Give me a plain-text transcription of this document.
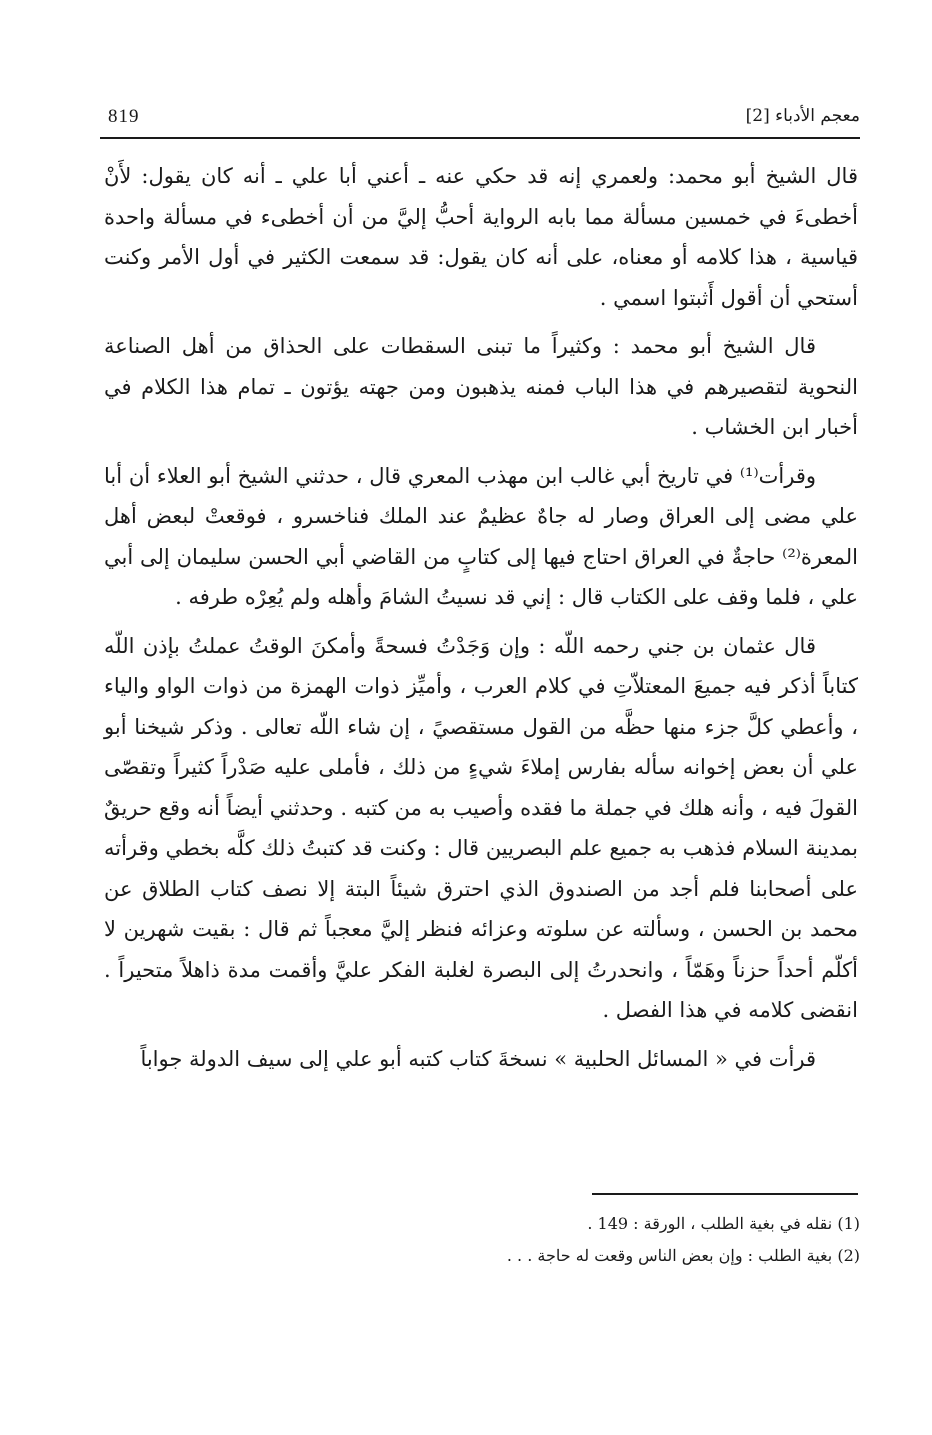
819	معجم الأدباء [2]

قال الشيخ أبو محمد: ولعمري إنه قد حكي عنه ـ أعني أبا علي ـ أنه كان يقول: لأَنْ أخطىءَ في خمسين مسألة مما بابه الرواية أحبُّ إليَّ من أن أخطىء في مسألة واحدة قياسية ، هذا كلامه أو معناه، على أنه كان يقول: قد سمعت الكثير في أول الأمر وكنت أستحي أن أقول أَثبتوا اسمي .

قال الشيخ أبو محمد : وكثيراً ما تبنى السقطات على الحذاق من أهل الصناعة النحوية لتقصيرهم في هذا الباب فمنه يذهبون ومن جهته يؤتون ـ تمام هذا الكلام في أخبار ابن الخشاب .

وقرأت⁽¹⁾ في تاريخ أبي غالب ابن مهذب المعري قال ، حدثني الشيخ أبو العلاء أن أبا علي مضى إلى العراق وصار له جاهٌ عظيمٌ عند الملك فناخسرو ، فوقعتْ لبعض أهل المعرة⁽²⁾ حاجةٌ في العراق احتاج فيها إلى كتابٍ من القاضي أبي الحسن سليمان إلى أبي علي ، فلما وقف على الكتاب قال : إني قد نسيتُ الشامَ وأهله ولم يُعِرْه طرفه .

قال عثمان بن جني رحمه اللّه : وإن وَجَدْتُ فسحةً وأمكنَ الوقتُ عملتُ بإذن اللّه كتاباً أذكر فيه جميعَ المعتلاّتِ في كلام العرب ، وأميِّز ذوات الهمزة من ذوات الواو والياء ، وأعطي كلَّ جزء منها حظَّه من القول مستقصيً ، إن شاء اللّه تعالى . وذكر شيخنا أبو علي أن بعض إخوانه سأله بفارس إملاءَ شيءٍ من ذلك ، فأملى عليه صَدْراً كثيراً وتقصّى القولَ فيه ، وأنه هلك في جملة ما فقده وأصيب به من كتبه . وحدثني أيضاً أنه وقع حريقٌ بمدينة السلام فذهب به جميع علم البصريين قال : وكنت قد كتبتُ ذلك كلَّه بخطي وقرأته على أصحابنا فلم أجد من الصندوق الذي احترق شيئاً البتة إلا نصف كتاب الطلاق عن محمد بن الحسن ، وسألته عن سلوته وعزائه فنظر إليَّ معجباً ثم قال : بقيت شهرين لا أكلّم أحداً حزناً وهَمّاً ، وانحدرتُ إلى البصرة لغلبة الفكر عليَّ وأقمت مدة ذاهلاً متحيراً . انقضى كلامه في هذا الفصل .

قرأت في « المسائل الحلبية » نسخةَ كتاب كتبه أبو علي إلى سيف الدولة جواباً

(1) نقله في بغية الطلب ، الورقة : 149 .

(2) بغية الطلب : وإن بعض الناس وقعت له حاجة . . .
